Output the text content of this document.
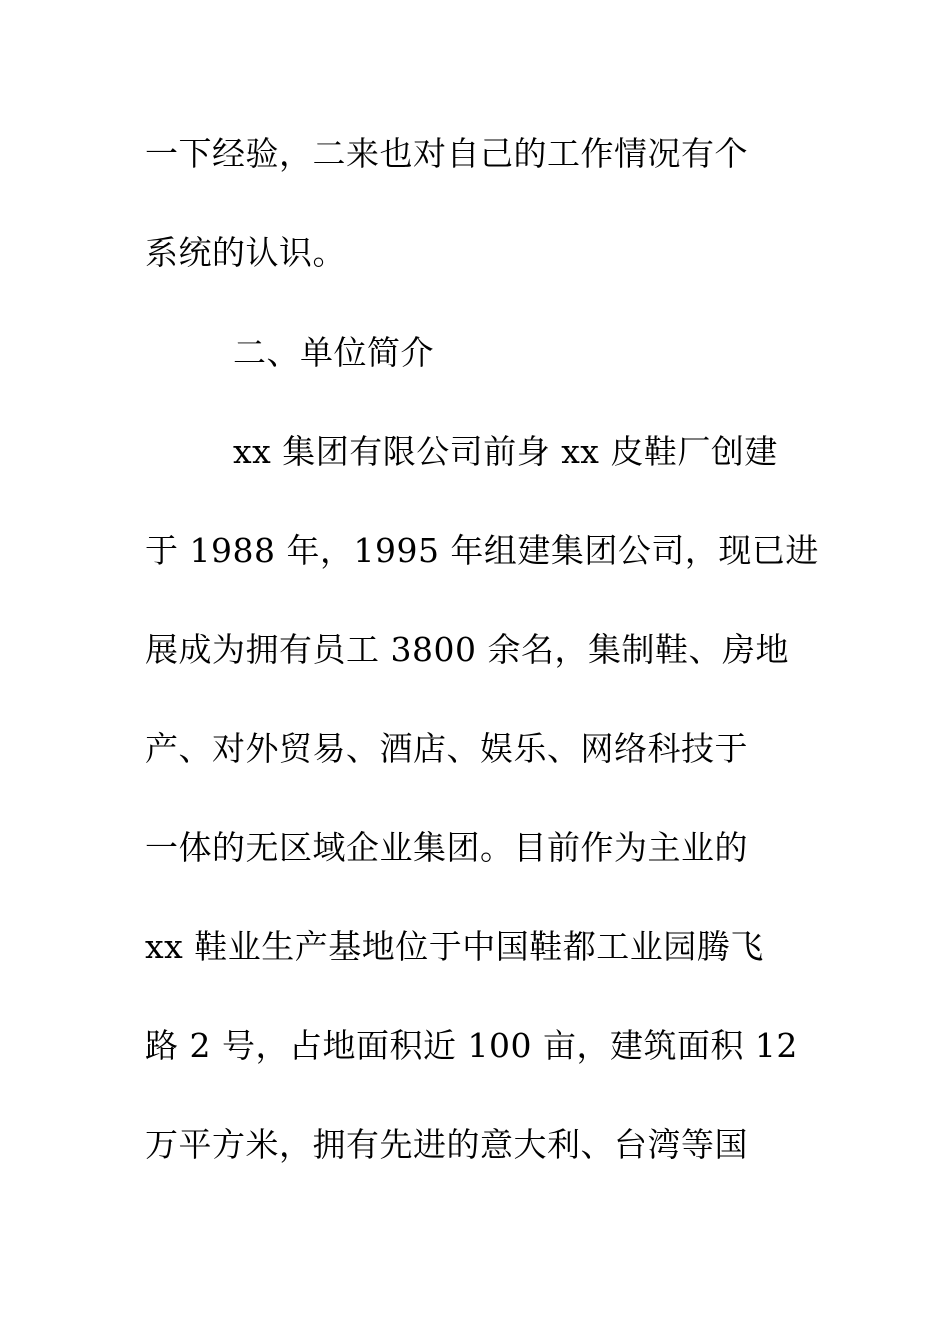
一下经验，二来也对自己的工作情况有个
系统的认识。
二、单位简介
xx 集团有限公司前身 xx 皮鞋厂创建
于 1988 年，1995 年组建集团公司，现已进
展成为拥有员工 3800 余名，集制鞋、房地
产、对外贸易、酒店、娱乐、网络科技于
一体的无区域企业集团。目前作为主业的
xx 鞋业生产基地位于中国鞋都工业园腾飞
路 2 号，占地面积近 100 亩，建筑面积 12
万平方米，拥有先进的意大利、台湾等国
